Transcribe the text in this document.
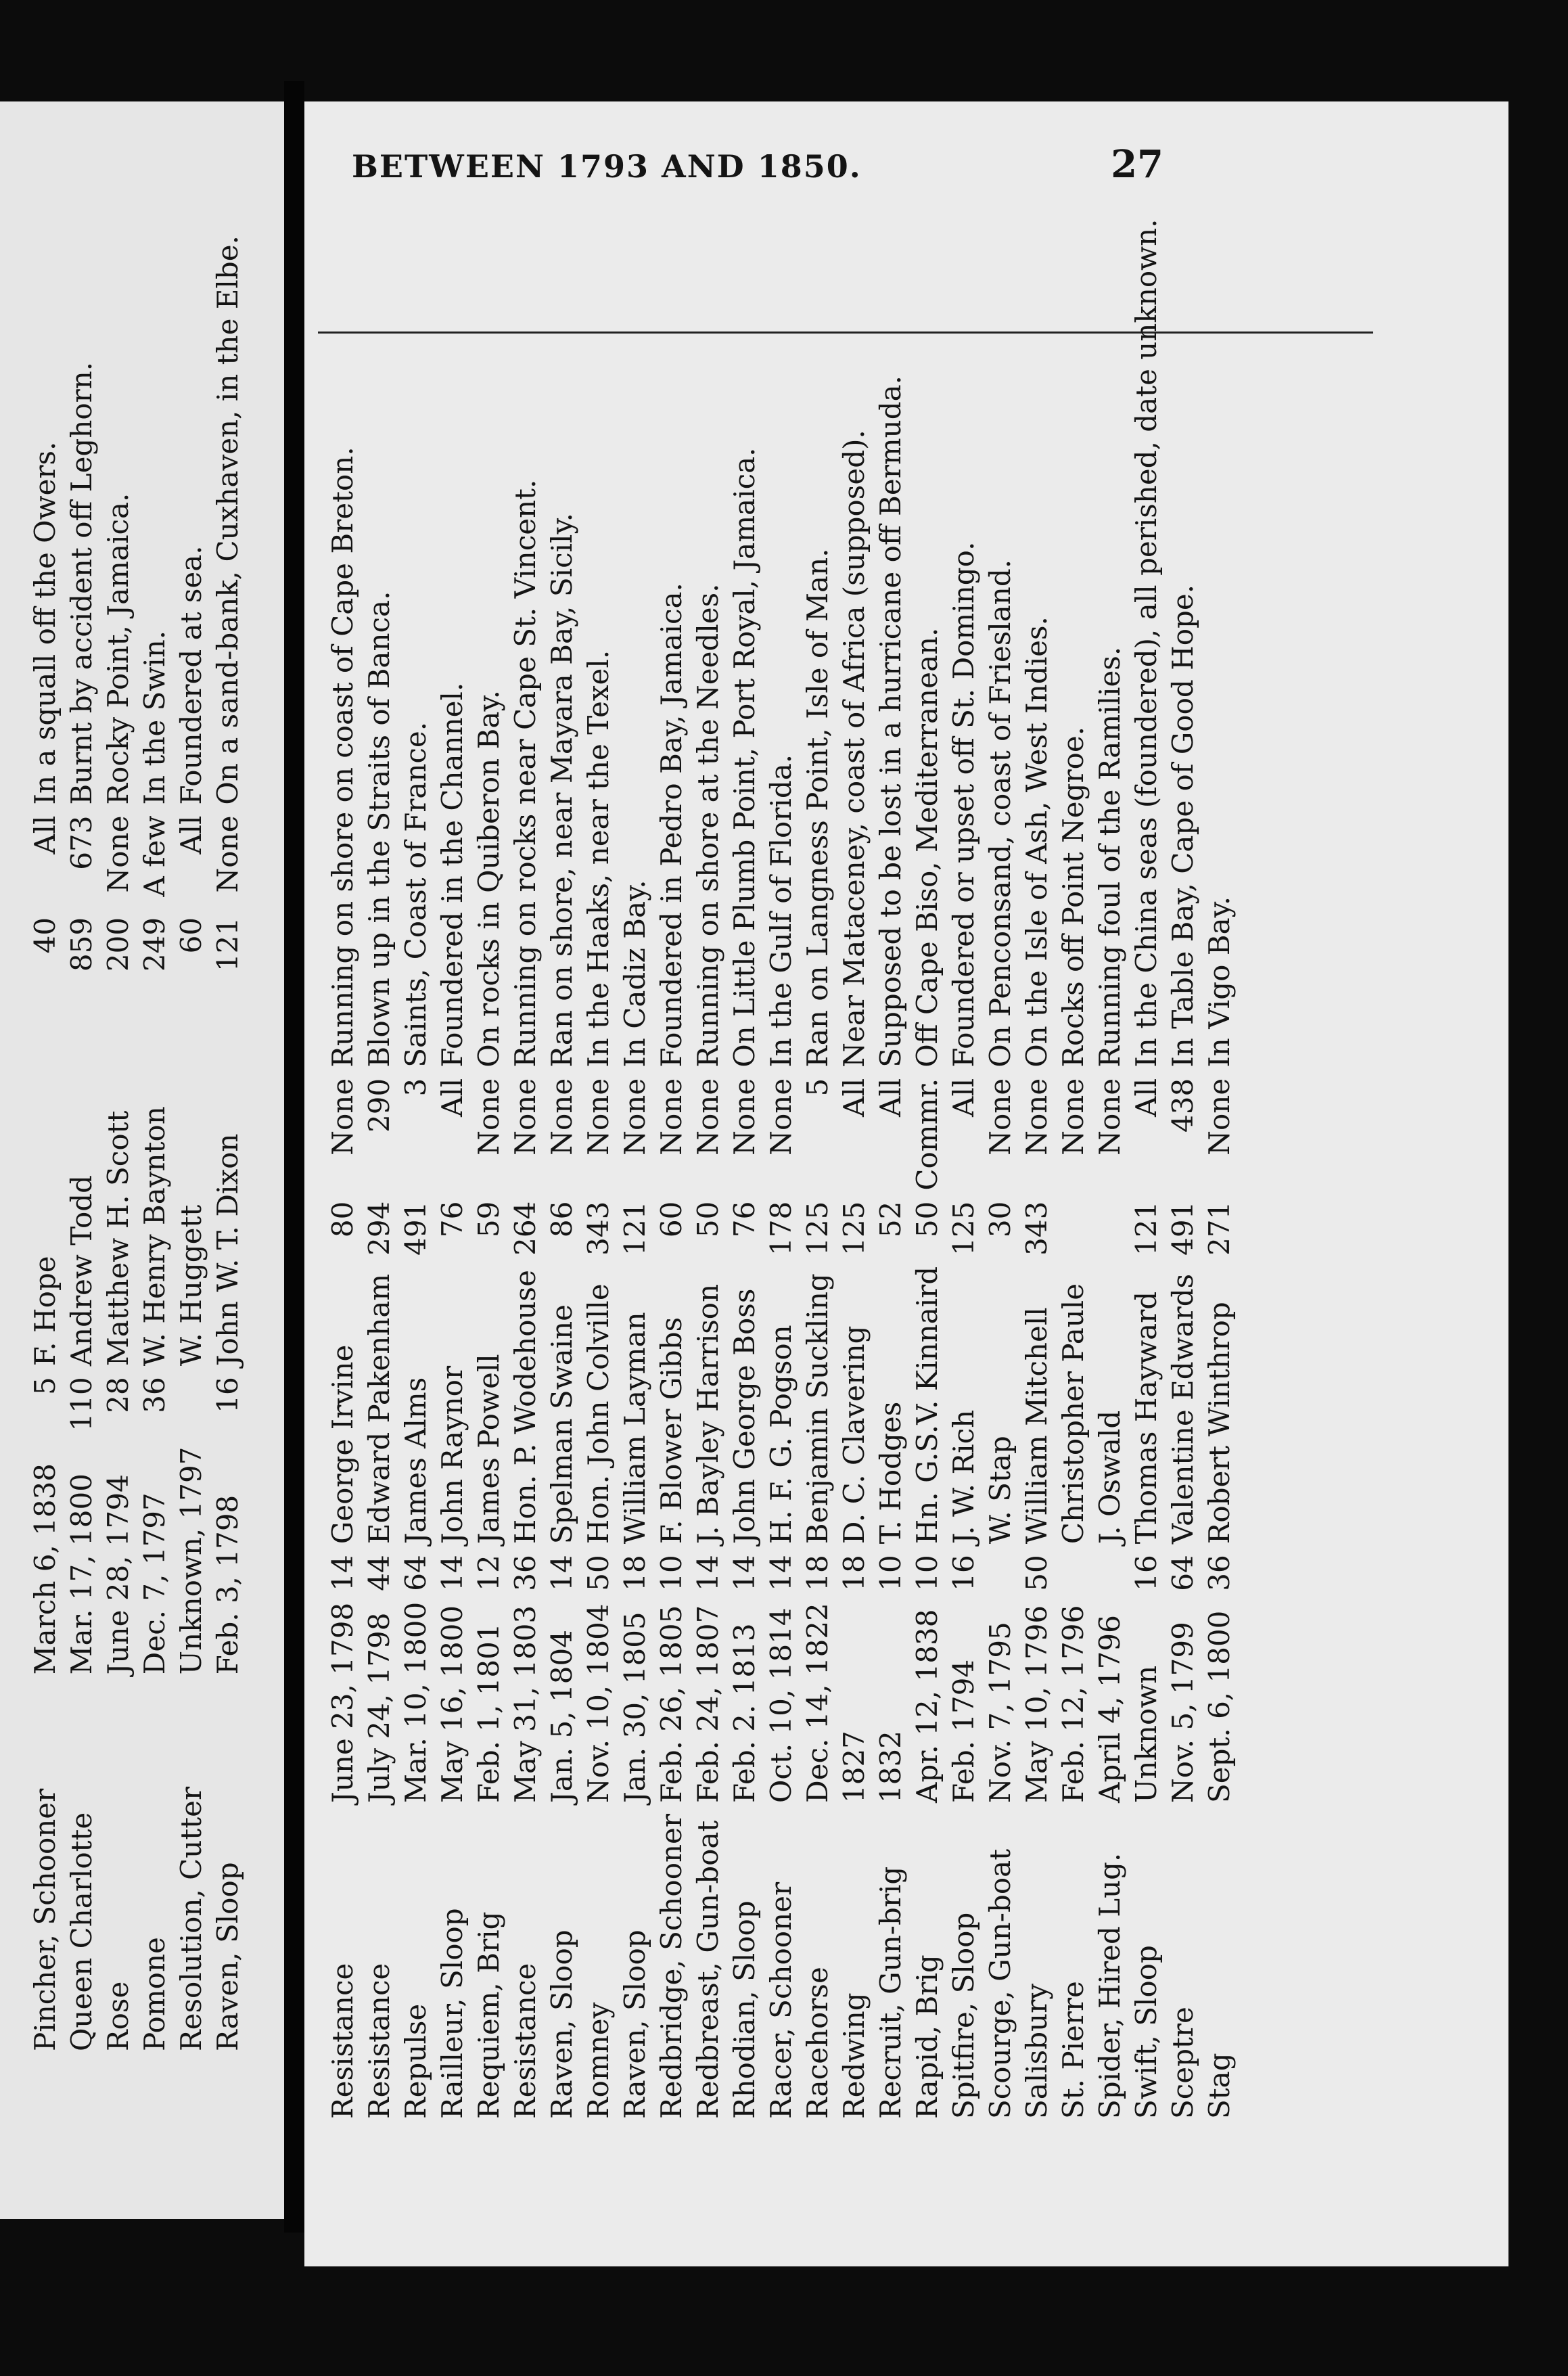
Pincher, Schooner	March 6, 1838	5	F. Hope	40	All	In a squall off the Owers.
Queen Charlotte	Mar. 17, 1800	110	Andrew Todd	859	673	Burnt by accident off Leghorn.
Rose	June 28, 1794	28	Matthew H. Scott	200	None	Rocky Point, Jamaica.
Pomone	Dec. 7, 1797	36	W. Henry Baynton	249	A few	In the Swin.
Resolution, Cutter	Unknown, 1797		W. Huggett	60	All	Foundered at sea.
Raven, Sloop	Feb. 3, 1798	16	John W. T. Dixon	121	None	On a sand-bank, Cuxhaven, in the Elbe.
BETWEEN 1793 AND 1850.	27
Resistance	June 23, 1798	14	George Irvine	80	None	Running on shore on coast of Cape Breton.
Resistance	July 24, 1798	44	Edward Pakenham	294	290	Blown up in the Straits of Banca.
Repulse	Mar. 10, 1800	64	James Alms	491	3	Saints, Coast of France.
Railleur, Sloop	May 16, 1800	14	John Raynor	76	All	Foundered in the Channel.
Requiem, Brig	Feb. 1, 1801	12	James Powell	59	None	On rocks in Quiberon Bay.
Resistance	May 31, 1803	36	Hon. P. Wodehouse	264	None	Running on rocks near Cape St. Vincent.
Raven, Sloop	Jan. 5, 1804	14	Spelman Swaine	86	None	Ran on shore, near Mayara Bay, Sicily.
Romney	Nov. 10, 1804	50	Hon. John Colville	343	None	In the Haaks, near the Texel.
Raven, Sloop	Jan. 30, 1805	18	William Layman	121	None	In Cadiz Bay.
Redbridge, Schooner	Feb. 26, 1805	10	F. Blower Gibbs	60	None	Foundered in Pedro Bay, Jamaica.
Redbreast, Gun-boat	Feb. 24, 1807	14	J. Bayley Harrison	50	None	Running on shore at the Needles.
Rhodian, Sloop	Feb. 2. 1813	14	John George Boss	76	None	On Little Plumb Point, Port Royal, Jamaica.
Racer, Schooner	Oct. 10, 1814	14	H. F. G. Pogson	178	None	In the Gulf of Florida.
Racehorse	Dec. 14, 1822	18	Benjamin Suckling	125	5	Ran on Langness Point, Isle of Man.
Redwing	1827	18	D. C. Clavering	125	All	Near Mataceney, coast of Africa (supposed).
Recruit, Gun-brig	1832	10	T. Hodges	52	All	Supposed to be lost in a hurricane off Bermuda.
Rapid, Brig	Apr. 12, 1838	10	Hn. G.S.V. Kinnaird	50	Commr.	Off Cape Biso, Mediterranean.
Spitfire, Sloop	Feb. 1794	16	J. W. Rich	125	All	Foundered or upset off St. Domingo.
Scourge, Gun-boat	Nov. 7, 1795		W. Stap	30	None	On Penconsand, coast of Friesland.
Salisbury	May 10, 1796	50	William Mitchell	343	None	On the Isle of Ash, West Indies.
St. Pierre	Feb. 12, 1796		Christopher Paule		None	Rocks off Point Negroe.
Spider, Hired Lug.	April 4, 1796		J. Oswald		None	Running foul of the Ramilies.
Swift, Sloop	Unknown	16	Thomas Hayward	121	All	In the China seas (foundered), all perished, date unknown.
Sceptre	Nov. 5, 1799	64	Valentine Edwards	491	438	In Table Bay, Cape of Good Hope.
Stag	Sept. 6, 1800	36	Robert Winthrop	271	None	In Vigo Bay.
